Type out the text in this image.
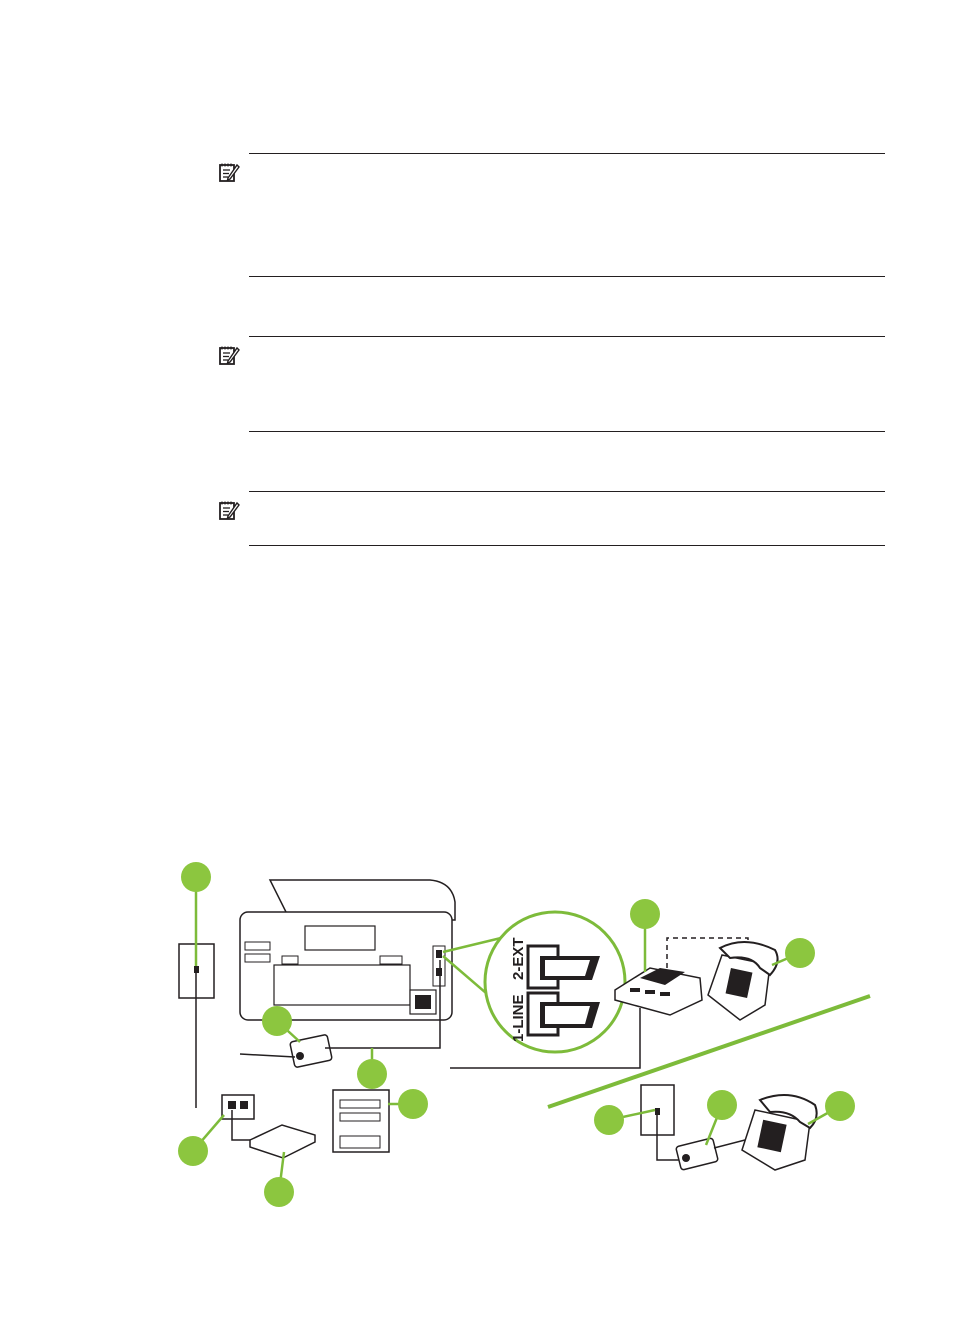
1-LINE
2-EXT
